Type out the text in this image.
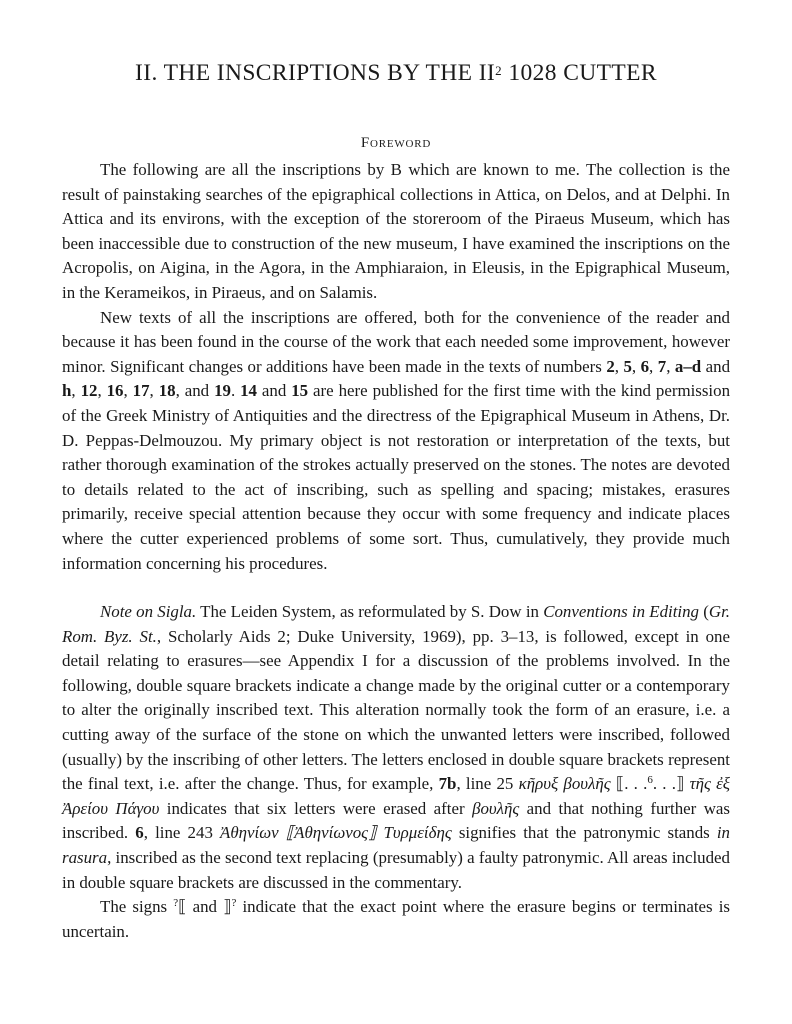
II. THE INSCRIPTIONS BY THE $II^2$ 1028 CUTTER
Foreword

The following are all the inscriptions by B which are known to me. The collection is the result of painstaking searches of the epigraphical collections in Attica, on Delos, and at Delphi. In Attica and its environs, with the exception of the storeroom of the Piraeus Museum, which has been inaccessible due to construction of the new museum, I have examined the inscriptions on the Acropolis, on Aigina, in the Agora, in the Amphiaraion, in Eleusis, in the Epigraphical Museum, in the Kerameikos, in Piraeus, and on Salamis.

New texts of all the inscriptions are offered, both for the convenience of the reader and because it has been found in the course of the work that each needed some improvement, however minor. Significant changes or additions have been made in the texts of numbers 2, 5, 6, 7, a–d and h, 12, 16, 17, 18, and 19. 14 and 15 are here published for the first time with the kind permission of the Greek Ministry of Antiquities and the directress of the Epigraphical Museum in Athens, Dr. D. Peppas-Delmouzou. My primary object is not restoration or interpretation of the texts, but rather thorough examination of the strokes actually preserved on the stones. The notes are devoted to details related to the act of inscribing, such as spelling and spacing; mistakes, erasures primarily, receive special attention because they occur with some frequency and indicate places where the cutter experienced problems of some sort. Thus, cumulatively, they provide much information concerning his procedures.

Note on Sigla. The Leiden System, as reformulated by S. Dow in Conventions in Editing (Gr. Rom. Byz. St., Scholarly Aids 2; Duke University, 1969), pp. 3–13, is followed, except in one detail relating to erasures—see Appendix I for a discussion of the problems involved. In the following, double square brackets indicate a change made by the original cutter or a contemporary to alter the originally inscribed text. This alteration normally took the form of an erasure, i.e. a cutting away of the surface of the stone on which the unwanted letters were inscribed, followed (usually) by the inscribing of other letters. The letters enclosed in double square brackets represent the final text, i.e. after the change. Thus, for example, 7b, line 25 κῆρυξ βουλῆς ⟦. . .$^6$. . .⟧ τῆς ἐξ Ἀρείου Πάγου indicates that six letters were erased after βουλῆς and that nothing further was inscribed. 6, line 243 Ἀθηνίων ⟦Ἀθηνίωνος⟧ Τυρμείδης signifies that the patronymic stands in rasura, inscribed as the second text replacing (presumably) a faulty patronymic. All areas included in double square brackets are discussed in the commentary.

The signs ?⟦ and ⟧? indicate that the exact point where the erasure begins or terminates is uncertain.
